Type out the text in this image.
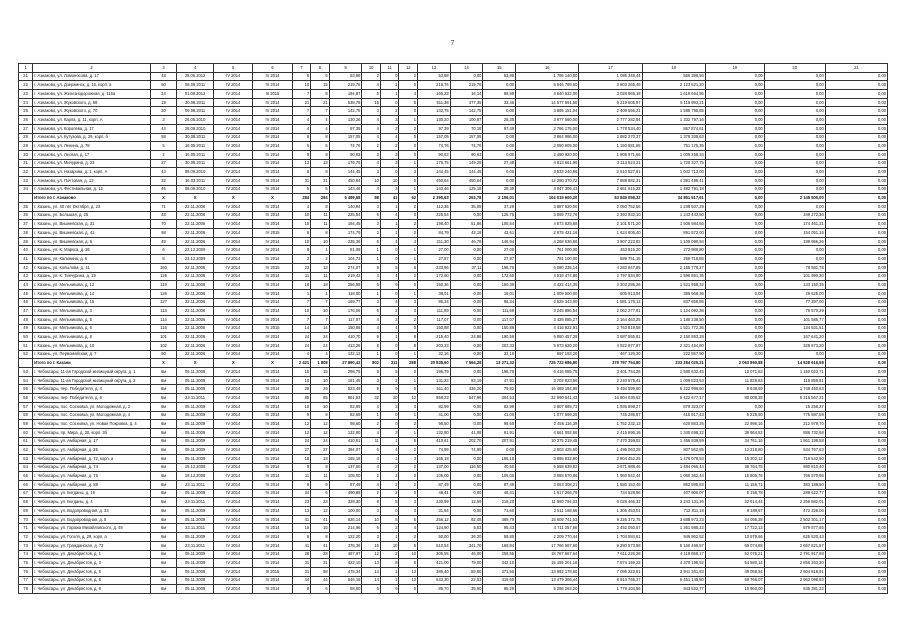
7
1	2	3	4	5	6	7	8	9	10	11	12	13	14	15	16	17	18	19	20	21
21	г. Азнаково, ул. Ломоносова, д. 17	48	28.05.2012	IV 2014	IV 2014	6	6	53,88	2	0	2	53,88	0,00	53,88	1 786 140,00	1 086 348,44	566 399,56	0,00	0,00	0,00
22	г. Азнаково, ул. Дзержинск, д. 16, корп. а	50	08.09.2011	IV 2014	IV 2014	10	15	219,76	4	1	0	219,76	219,76	0,00	5 946 789,60	3 803 265,49	2 123 521,20	0,00	0,00	0,00
23	г. Азнаково, ул. Железнодорожная, д. 116а	24	01.08.2012	IV 2014	III 2015	7	8	194,87	5	1	4	165,23	16,14	88,99	4 640 532,00	3 028 865,18	1 619 664,86	0,00	0,00	0,00
24	г. Азнаково, ул. Жуковского, д. 68	19	30.08.2011	IV 2014	IV 2014	21	21	538,78	15	0	5	511,38	477,35	33,45	14 577 591,60	9 219 605,97	5 115 993,21	0,00	0,00	0,00
25	г. Азнаково, ул. Жуковского, д. 70	20	09.08.2011	IV 2014	IV 2014	7	7	142,75	3	2	0	142,75	142,75	0,00	3 895 151,04	2 409 556,21	1 588 795,85	0,00	0,00	0,00
26	г. Азнаково, ул. Карла, д. 11, корп. А	3	26.05.2010	IV 2014	IV 2014	4	4	130,26	4	3	1	130,20	100,87	28,35	3 977 560,00	2 777 282,84	1 332 797,16	0,00	0,00	0,00
27	г. Азнаково, ул. Королева, д. 17	44	28.09.2010	IV 2014	IV 2014	4	4	97,39	4	2	2	97,39	70,18	97,49	2 766 175,00	1 778 534,40	867 874,61	0,00	0,00	0,00
28	г. Азнаково, ул. Кутузова, д. 29, корп. б	58	30.08.2011	IV 2014	IV 2014	8	8	157,05	4	4	0	157,05	157,05	0,00	3 864 986,00	2 682 270,37	1 379 305,63	0,00	0,00	0,00
29	г. Азнаково, ул. Ленина, д. 78	5	16.05.2011	IV 2014	IV 2014	6	6	74,76	2	2	0	74,76	74,76	0,00	2 050 605,00	1 150 881,65	751 175,35	0,00	0,00	0,00
30	г. Азнаково, ул. Лесная, д. 17	2	16.05.2011	IV 2014	IV 2014	9	9	90,63	3	3	0	90,63	90,63	0,00	2 490 920,00	1 808 971,66	1 009 258,34	0,00	0,00	0,00
31	г. Азнаково, ул. Мичурина, д. 23	27	30.08.2011	IV 2014	IV 2014	13	13	176,75	4	3	1	176,75	149,28	27,49	4 813 661,96	3 113 524,21	1 720 327,75	0,00	0,00	0,00
32	г. Азнаково, ул. Назарова, д. 1, корп. А	43	08.09.2010	IV 2014	IV 2014	8	8	144,45	3	0	3	144,45	144,45	0,00	3 533 240,96	2 510 527,81	1 042 713,00	0,00	0,00	0,00
33	г. Азнаково, ул. Почтовая, д. 13	32	16.03.2011	IV 2014	IV 2014	31	31	450,64	10	10	0	450,64	450,64	0,00	12 280 370,72	7 888 882,31	4 391 488,41	0,00	0,00	0,00
34	г. Азнаково, ул. Фестивальная, д. 12	46	08.09.2010	IV 2014	IV 2014	5	5	143,46	4	3	1	143,46	125,18	28,39	4 047 306,43	2 661 515,22	1 482 791,18	0,00	0,00	0,00
	Итого по г. Азнаково	X	X	X	X	284	284	5 499,58	98	41	62	2 390,63	263,78	2 106,01	104 015 600,20	63 849 058,32	34 851 517,61	0,00	2 145 500,00	0,00
35	г. Казань, ул. 40 лет Октября, д. 23	71	22.11.2006	IV 2014	IV 2014	4	8	140,94	3	1	2	112,35	35,08	37,29	3 887 520,00	2 050 752,56	1 238 507,29	0,00	0,00	0,00
36	г. Казань, ул. Большая, д. 25	48	22.11.2006	IV 2014	IV 2014	10	11	225,54	6	4	0	225,54	0,00	125,75	3 069 772,76	2 393 932,10	1 243 443,50	0,00	349 272,36	0,00
37	г. Казань, ул. Вишневская, д. 31	70	22.11.2006	IV 2014	IV 2014	16	11	194,45	3	1	2	198,40	51,86	106,54	4 873 825,58	2 101 571,20	1 506 984,66	0,00	174 461,31	0,00
38	г. Казань, ул. Вишневская, д. 41	98	22.11.2006	IV 2014	IV 2015	8	8	174,79	2	1	2	84,79	43,19	42,61	2 679 421,16	1 624 806,40	891 572,00	0,00	154 051,16	0,00
39	г. Казань, ул. Вишневская, д. 5	49	22.11.2006	IV 2014	IV 2014	10	10	235,36	5	4	4	211,30	46,78	146,94	4 268 636,56	3 907 223,82	1 105 090,94	0,00	199 956,26	0,00
40	г. Казань, ул. К. Маркса, д. 36	6	23.12.2009	IV 2014	IV 2014	8	1	81,08	1	0	1	27,00	0,00	27,00	761 000,00	453 815,20	272 980,80	0,00	0,00	0,00
41	г. Казань, ул. Калинина, д. 5	8	23.12.2009	IV 2014	IV 2014	2	2	104,73	1	0	1	27,87	0,00	27,87	791 100,00	589 751,15	266 718,85	0,00	0,00	0,00
42	г. Казань, ул. Копылова, д. 41	160	22.11.2006	IV 2014	IV 2015	23	13	274,07	9	5	6	233,96	37,11	196,76	6 080 235,14	4 283 847,85	2 155 778,27	0,00	78 581,78	0,00
43	г. Казань, ул. К. Тинчурина, д. 19	126	22.11.2006	IV 2014	IV 2014	11	11	219,42	4	4	2	172,60	0,00	172,60	4 515 474,86	2 797 934,80	1 596 851,35	0,00	101 990,30	0,00
44	г. Казань, ул. Мельникова, д. 12	119	22.11.2006	IV 2014	IV 2014	18	18	256,98	6	6	0	150,36	0,00	150,36	4 422 414,35	3 303 285,26	1 521 958,32	0,00	133 150,35	0,00
45	г. Казань, ул. Мельникова, д. 14	126	22.11.2006	IV 2014	IV 2014	1	1	118,00	1	0	1	38,01	0,00	18,01	1 009 500,00	605 913,84	385 968,36	0,00	29 625,00	0,00
46	г. Казань, ул. Мельникова, д. 15	127	22.11.2006	IV 2014	IV 2014	7	7	169,77	3	4	3	86,34	0,00	86,34	2 525 343,00	1 581 176,12	837 658,86	0,00	77 397,00	0,00
47	г. Казань, ул. Мельникова, д. 3	113	22.11.2006	IV 2014	IV 2014	10	10	176,06	6	2	3	111,69	0,00	111,69	3 245 886,54	2 062 277,81	1 124 092,38	0,00	79 570,29	0,00
48	г. Казань, ул. Мельникова, д. 5	114	22.11.2006	IV 2014	IV 2014	7	7	117,07	4	2	2	117,07	0,00	117,07	3 426 085,27	2 164 463,25	1 180 236,50	0,00	101 585,77	0,00
49	г. Казань, ул. Мельникова, д. 6	115	22.11.2006	IV 2014	IV 2015	14	14	150,88	4	4	0	150,88	0,00	150,88	4 416 922,91	2 763 819,58	1 521 772,36	0,00	134 531,51	0,00
50	г. Казань, ул. Мельникова, д. 8	101	22.11.2006	IV 2014	IV 2014	24	24	410,70	9	1	8	215,40	24,86	190,59	6 060 457,28	3 687 555,81	2 150 863,28	0,00	167 641,20	0,00
51	г. Казань, ул. Мельникова, д. 10	102	22.11.2006	IV 2014	IV 2014	24	24	413,26	8	0	8	203,33	0,00	203,33	5 973 620,20	4 922 977,97	2 321 454,80	0,00	328 673,20	0,00
52	г. Казань, ул. Первомайская, д. 7	50	22.11.2006	IV 2014	IV 2014	4	4	132,12	1	0	1	32,16	0,00	32,16	697 183,20	467 126,30	222 557,50	0,00	0,00	0,00
	Итого по г. Казани	X	X	X	X	2 421	1 808	27 890,42	802	311	288	20 835,60	7 564,28	13 271,32	725 722 686,80	378 797 754,80	233 384 020,21	2 063 860,88	14 528 616,58	0,00
53	г. Чебоксары, 11-ая Городской жилищный округа, д. 1	6м	05.11.2009	IV 2014	IV 2014	15	15	298,75	5	5	0	196,79	0,00	196,79	6 416 085,75	3 401 754,26	1 580 632,45	10 071,63	1 150 023,71	0,00
54	г. Чебоксары, 11-ая Городской жилищный округа, д. 2	6м	05.11.2009	IV 2014	IV 2014	10	10	181,45	3	2	1	131,23	83,19	47,91	3 702 823,56	2 240 575,41	1 009 823,53	11 826,83	119 856,81	0,00
55	г. Чебоксары, пер. Победителя, д. 4	6м	05.11.2009	IV 2014	IV 2014	29	29	523,49	9	9	0	511,40	436,20	79,82	16 489 194,99	9 494 599,60	5 222 996,60	9 638,69	1 749 450,63	0,00
56	г. Чебоксары, пер. Победителя, д. 6	6м	23.11.2011	IV 2014	IV 2014	85	85	961,53	32	20	12	958,23	547,96	304,53	32 590 541,43	16 904 036,62	5 422 677,17	80 008,35	5 315 567,31	0,00
57	г. Чебоксары, пос. Сосновка, ул. Молодежная, д. 2	6м	05.11.2009	IV 2014	IV 2014	10	10	82,99	4	3	3	82,99	0,00	82,99	2 807 685,73	1 936 898,27	870 323,07	0,00	15 258,27	0,00
58	г. Чебоксары, пос. Сосновка, ул. Молодежная, д. 4	6м	05.11.2009	IV 2014	IV 2014	9	9	82,69	1	0	1	41,00	0,00	41,00	1 077 599,25	745 286,87	415 917,43	5 225,60	775 597,59	0,00
59	г. Чебоксары, пос. Сосновка, ул. Новая Покровка, д. 4	6м	05.11.2009	IV 2014	IV 2014	12	12	98,60	2	0	2	98,60	0,00	98,60	2 456 116,39	1 752 232,13	620 883,26	22 996,16	212 979,70	0,00
60	г. Чебоксары, пр. Мира, д. 30, корп. 3б	6м	05.11.2009	IV 2014	IV 2014	12	12	132,80	4	3	1	132,80	41,08	91,91	4 661 092,66	2 415 696,16	1 340 698,22	39 964,82	886 732,68	0,00
61	г. Чебоксары, ул. Амбарная, д. 17	6м	05.11.2009	IV 2014	IV 2014	24	24	410,61	11	1	5	410,61	202,70	207,91	10 375 219,45	7 470 359,02	1 456 939,59	34 761,16	1 561 199,58	0,00
62	г. Чебоксары, ул. Амбарная, д. 25	6м	05.11.2009	IV 2014	IV 2014	27	27	394,07	6	4	2	74,99	74,99	0,00	2 803 425,60	1 495 063,28	807 562,85	12 218,80	534 767,63	0,00
63	г. Чебоксары, ул. Амбарная, д. 72, корп. а	6м	05.11.2009	IV 2014	IV 2014	18	18	165,18	4	1	3	165,18	0,00	165,18	3 895 832,90	2 804 452,25	1 476 078,53	15 302,12	716 542,50	0,00
64	г. Чебоксары, ул. Амбарная, д. 74	6м	15.12.2008	IV 2014	IV 2014	9	9	137,00	4	2	2	137,00	116,50	40,50	5 558 639,82	2 671 988,46	1 484 065,44	38 764,78	980 810,40	0,00
65	г. Чебоксары, ул. Амбарная, д. 76	6м	19.12.2008	IV 2014	IV 2014	11	11	105,00	2	2	0	105,00	0,00	105,00	3 668 570,86	1 960 542,44	1 060 362,44	15 805,76	766 570,86	0,00
66	г. Чебоксары, ул. Амбарная, д. 88	6м	23.11.2011	IV 2014	IV 2014	9	9	87,49	4	2	2	87,49	0,00	87,49	3 063 308,21	1 580 153,49	862 595,83	11 156,71	383 188,50	0,00
67	г. Чебоксары, ул. Богданы, д. 15	6м	05.11.2009	IV 2014	IV 2014	34	6	490,88	2	2	0	48,41	0,00	48,41	1 617 266,79	734 528,56	407 900,07	5 158,78	289 622,77	0,00
68	г. Чебоксары, ул. Богданы, д. 4	6м	23.11.2011	IV 2014	IV 2014	23	23	328,30	8	5	3	230,99	12,59	218,20	11 560 794,03	6 028 466,32	3 243 131,26	32 614,44	2 256 582,01	0,00
69	г. Чебоксары, ул. Водопроводная, д. 33	6м	05.11.2009	IV 2014	IV 2014	13	12	100,00	3	0	3	31,64	0,00	71,60	2 511 168,66	1 306 453,01	712 811,18	9 189,67	472 326,06	0,00
70	г. Чебоксары, ул. Водопроводная, д. 5	6м	05.11.2009	IV 2014	IV 2014	41	41	526,14	10	5	5	256,12	92,48	469,79	15 609 741,53	9 326 372,75	3 688 973,23	44 095,38	2 502 301,17	0,00
71	г. Чебоксары, ул. Гаража Михайловского, д. 49	6м	23.11.2011	IV 2014	IV 2014	16	15	214,96	6	2	4	124,90	5,53	95,43	4 711 257,66	2 452 050,57	1 361 985,22	17 722,13	879 577,65	0,00
72	г. Чебоксары, ул. Гоголя, д. 29, корп. а	6м	05.11.2009	IV 2014	IV 2014	8	8	122,20	3	1	2	50,00	36,20	59,80	2 209 770,44	1 704 584,61	946 962,52	10 979,66	625 820,43	0,00
73	г. Чебоксары, ул. Гражданская, д. 73	6м	23.11.2011	IV 2014	IV 2014	41	41	376,36	15	10	5	510,54	341,70	168,84	17 766 587,60	9 280 573,58	5 160 465,57	69 074,88	2 657 821,57	0,00
74	г. Чебоксары, ул. Декабристов, д. 1	6м	05.11.2009	IV 2014	IV 2014	28	28	467,97	12	2	10	305,55	46,00	259,55	18 767 667,64	7 611 226,28	4 118 658,17	52 075,21	2 791 917,68	0,00
75	г. Чебоксары, ул. Декабристов, д. 3	6м	05.11.2009	IV 2014	IV 2014	31	31	422,10	13	8	5	421,00	79,00	342,10	15 155 201,18	7 874 159,22	4 370 198,52	54 580,14	2 856 263,30	0,00
76	г. Чебоксары, ул. Декабристов, д. 5	6м	05.11.2009	IV 2014	III 2015	31	58	475,34	14	1	13	386,40	55,80	371,50	13 692 178,60	7 096 223,61	3 941 361,83	49 058,94	2 604 818,91	0,00
77	г. Чебоксары, ул. Декабристов, д. 6	6м	05.11.2009	IV 2014	IV 2014	44	44	646,16	14	1	13	643,30	22,53	419,60	13 479 306,44	8 913 765,27	6 451 145,80	59 766,07	2 963 098,83	0,00
78	г. Чебоксары, ул. Декабристов, д. 8	6м	05.11.2009	IV 2014	IV 2014	8	6	58,60	6	6	0	85,70	35,90	85,29	5 286 263,20	1 779 104,56	943 532,77	10 960,00	635 381,22	0,00
